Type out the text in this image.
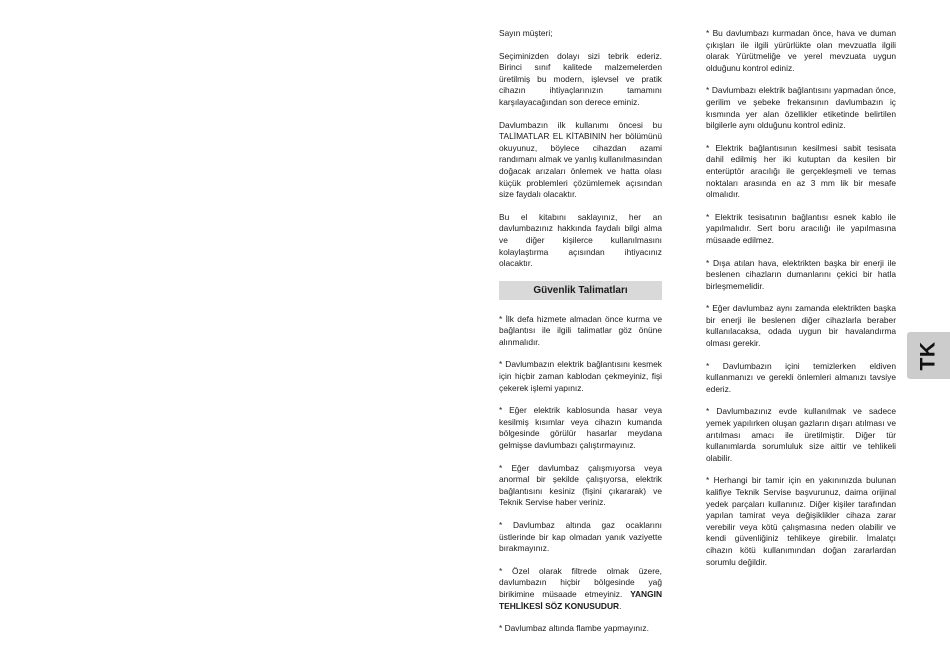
Sayın müşteri;

Seçiminizden dolayı sizi tebrik ederiz. Birinci sınıf kalitede malzemelerden üretilmiş bu modern, işlevsel ve pratik cihazın ihtiyaçlarınızın tamamını karşılayacağından son derece eminiz.

Davlumbazın ilk kullanımı öncesi bu TALİMATLAR EL KİTABININ her bölümünü okuyunuz, böylece cihazdan azami randımanı almak ve yanlış kullanılmasından doğacak arızaları önlemek ve hatta olası küçük problemleri çözümlemek açısından size faydalı olacaktır.

Bu el kitabını saklayınız, her an davlumbazınız hakkında faydalı bilgi alma ve diğer kişilerce kullanılmasını kolaylaştırma açısından ihtiyacınız olacaktır.

Güvenlik Talimatları

* İlk defa hizmete almadan önce kurma ve bağlantısı ile ilgili talimatlar göz önüne alınmalıdır.

* Davlumbazın elektrik bağlantısını kesmek için hiçbir zaman kablodan çekmeyiniz, fişi çekerek işlemi yapınız.

* Eğer elektrik kablosunda hasar veya kesilmiş kısımlar veya cihazın kumanda bölgesinde görülür hasarlar meydana gelmişse davlumbazı çalıştırmayınız.

* Eğer davlumbaz çalışmıyorsa veya anormal bir şekilde çalışıyorsa, elektrik bağlantısını kesiniz (fişini çıkararak) ve Teknik Servise haber veriniz.

* Davlumbaz altında gaz ocaklarını üstlerinde bir kap olmadan yanık vaziyette bırakmayınız.

* Özel olarak filtrede olmak üzere, davlumbazın hiçbir bölgesinde yağ birikimine müsaade etmeyiniz. YANGIN TEHLİKESİ SÖZ KONUSUDUR.

* Davlumbaz altında flambe yapmayınız.

* Bu davlumbazı kurmadan önce, hava ve duman çıkışları ile ilgili yürürlükte olan mevzuatla ilgili olarak Yürütmeliğe ve yerel mevzuata uygun olduğunu kontrol ediniz.

* Davlumbazı elektrik bağlantısını yapmadan önce, gerilim ve şebeke frekansının davlumbazın iç kısmında yer alan özellikler etiketinde belirtilen bilgilerle aynı olduğunu kontrol ediniz.

* Elektrik bağlantısının kesilmesi sabit tesisata dahil edilmiş her iki kutuptan da kesilen bir enterüptör aracılığı ile gerçekleşmeli ve temas noktaları arasında en az 3 mm lik bir mesafe olmalıdır.

* Elektrik tesisatının bağlantısı esnek kablo ile yapılmalıdır. Sert boru aracılığı ile yapılmasına müsaade edilmez.

* Dışa atılan hava, elektrikten başka bir enerji ile beslenen cihazların dumanlarını çekici bir hatla birleşmemelidir.

* Eğer davlumbaz aynı zamanda elektrikten başka bir enerji ile beslenen diğer cihazlarla beraber kullanılacaksa, odada uygun bir havalandırma olması gerekir.

* Davlumbazın içini temizlerken eldiven kullanmanızı ve gerekli önlemleri almanızı tavsiye ederiz.

* Davlumbazınız evde kullanılmak ve sadece yemek yapılırken oluşan gazların dışarı atılması ve arıtılması amacı ile üretilmiştir. Diğer tür kullanımlarda sorumluluk size aittir ve tehlikeli olabilir.

* Herhangi bir tamir için en yakınınızda bulunan kalifiye Teknik Servise başvurunuz, daima orijinal yedek parçaları kullanınız. Diğer kişiler tarafından yapılan tamirat veya değişiklikler cihaza zarar verebilir veya kötü çalışmasına neden olabilir ve kendi güvenliğiniz tehlikeye girebilir. İmalatçı cihazın kötü kullanımından doğan zararlardan sorumlu değildir.

TK
